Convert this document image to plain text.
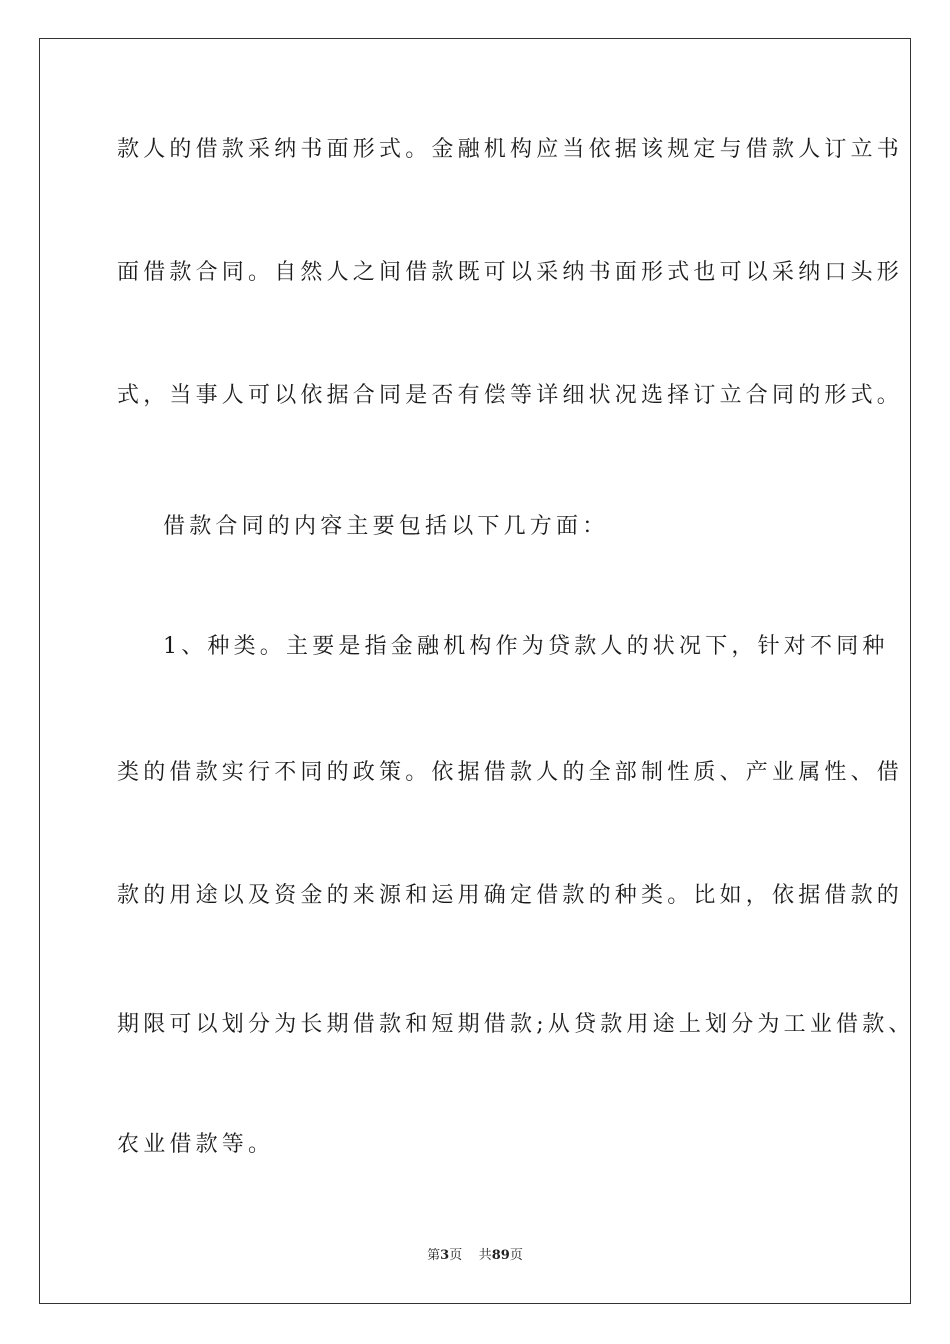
款人的借款采纳书面形式。金融机构应当依据该规定与借款人订立书
面借款合同。自然人之间借款既可以采纳书面形式也可以采纳口头形
式，当事人可以依据合同是否有偿等详细状况选择订立合同的形式。
借款合同的内容主要包括以下几方面：
1、种类。主要是指金融机构作为贷款人的状况下，针对不同种
类的借款实行不同的政策。依据借款人的全部制性质、产业属性、借
款的用途以及资金的来源和运用确定借款的种类。比如，依据借款的
期限可以划分为长期借款和短期借款;从贷款用途上划分为工业借款、
农业借款等。
第3页 共89页
